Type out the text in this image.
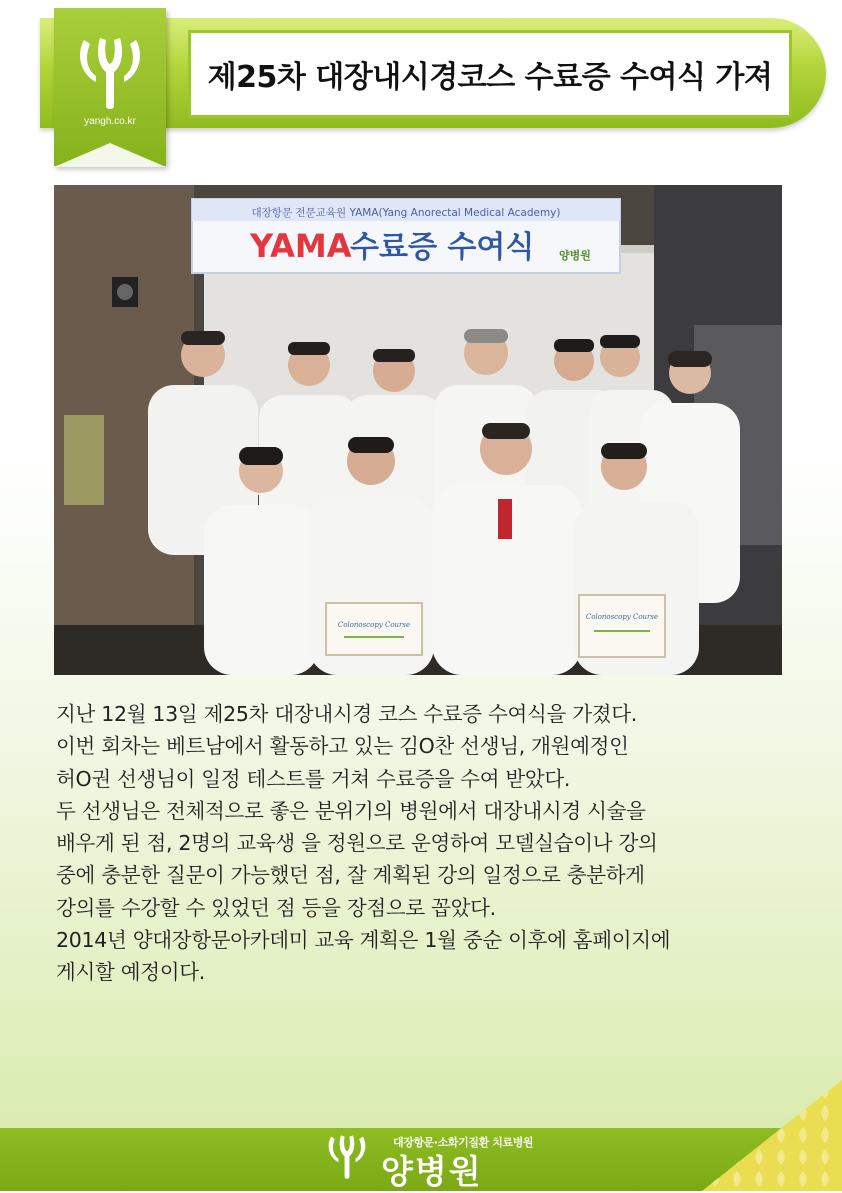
yangh.co.kr
제25차 대장내시경코스 수료증 수여식 가져
대장항문 전문교육원 YAMA(Yang Anorectal Medical Academy)
YAMA
수료증 수여식 양병원
Colonoscopy Course
Colonoscopy Course
지난 12월 13일 제25차 대장내시경 코스 수료증 수여식을 가졌다.
이번 회차는 베트남에서 활동하고 있는 김O찬 선생님, 개원예정인
허O권 선생님이 일정 테스트를 거쳐 수료증을 수여 받았다.
두 선생님은 전체적으로 좋은 분위기의 병원에서 대장내시경 시술을
배우게 된 점, 2명의 교육생 을 정원으로 운영하여 모델실습이나 강의
중에 충분한 질문이 가능했던 점, 잘 계획된 강의 일정으로 충분하게
강의를 수강할 수 있었던 점 등을 장점으로 꼽았다.
2014년 양대장항문아카데미 교육 계획은 1월 중순 이후에 홈페이지에
게시할 예정이다.
대장항문·소화기질환 치료병원
양병원
